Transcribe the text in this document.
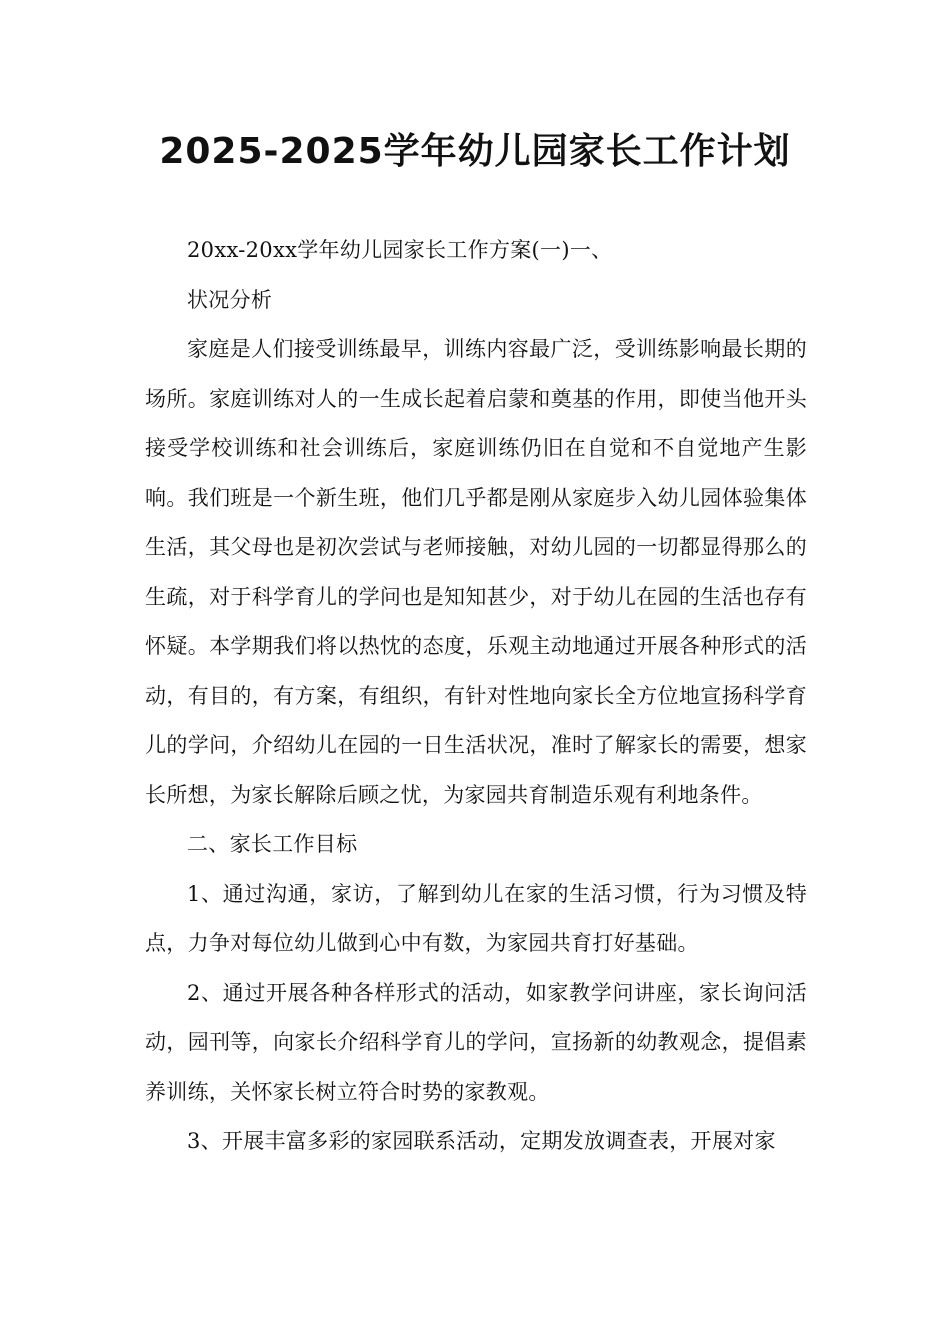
2025-2025学年幼儿园家长工作计划

20xx-20xx学年幼儿园家长工作方案(一)一、

状况分析

家庭是人们接受训练最早，训练内容最广泛，受训练影响最长期的场所。家庭训练对人的一生成长起着启蒙和奠基的作用，即使当他开头接受学校训练和社会训练后，家庭训练仍旧在自觉和不自觉地产生影响。我们班是一个新生班，他们几乎都是刚从家庭步入幼儿园体验集体生活，其父母也是初次尝试与老师接触，对幼儿园的一切都显得那么的生疏，对于科学育儿的学问也是知知甚少，对于幼儿在园的生活也存有怀疑。本学期我们将以热忱的态度，乐观主动地通过开展各种形式的活动，有目的，有方案，有组织，有针对性地向家长全方位地宣扬科学育儿的学问，介绍幼儿在园的一日生活状况，准时了解家长的需要，想家长所想，为家长解除后顾之忧，为家园共育制造乐观有利地条件。

二、家长工作目标

1、通过沟通，家访，了解到幼儿在家的生活习惯，行为习惯及特点，力争对每位幼儿做到心中有数，为家园共育打好基础。

2、通过开展各种各样形式的活动，如家教学问讲座，家长询问活动，园刊等，向家长介绍科学育儿的学问，宣扬新的幼教观念，提倡素养训练，关怀家长树立符合时势的家教观。

3、开展丰富多彩的家园联系活动，定期发放调查表，开展对家
